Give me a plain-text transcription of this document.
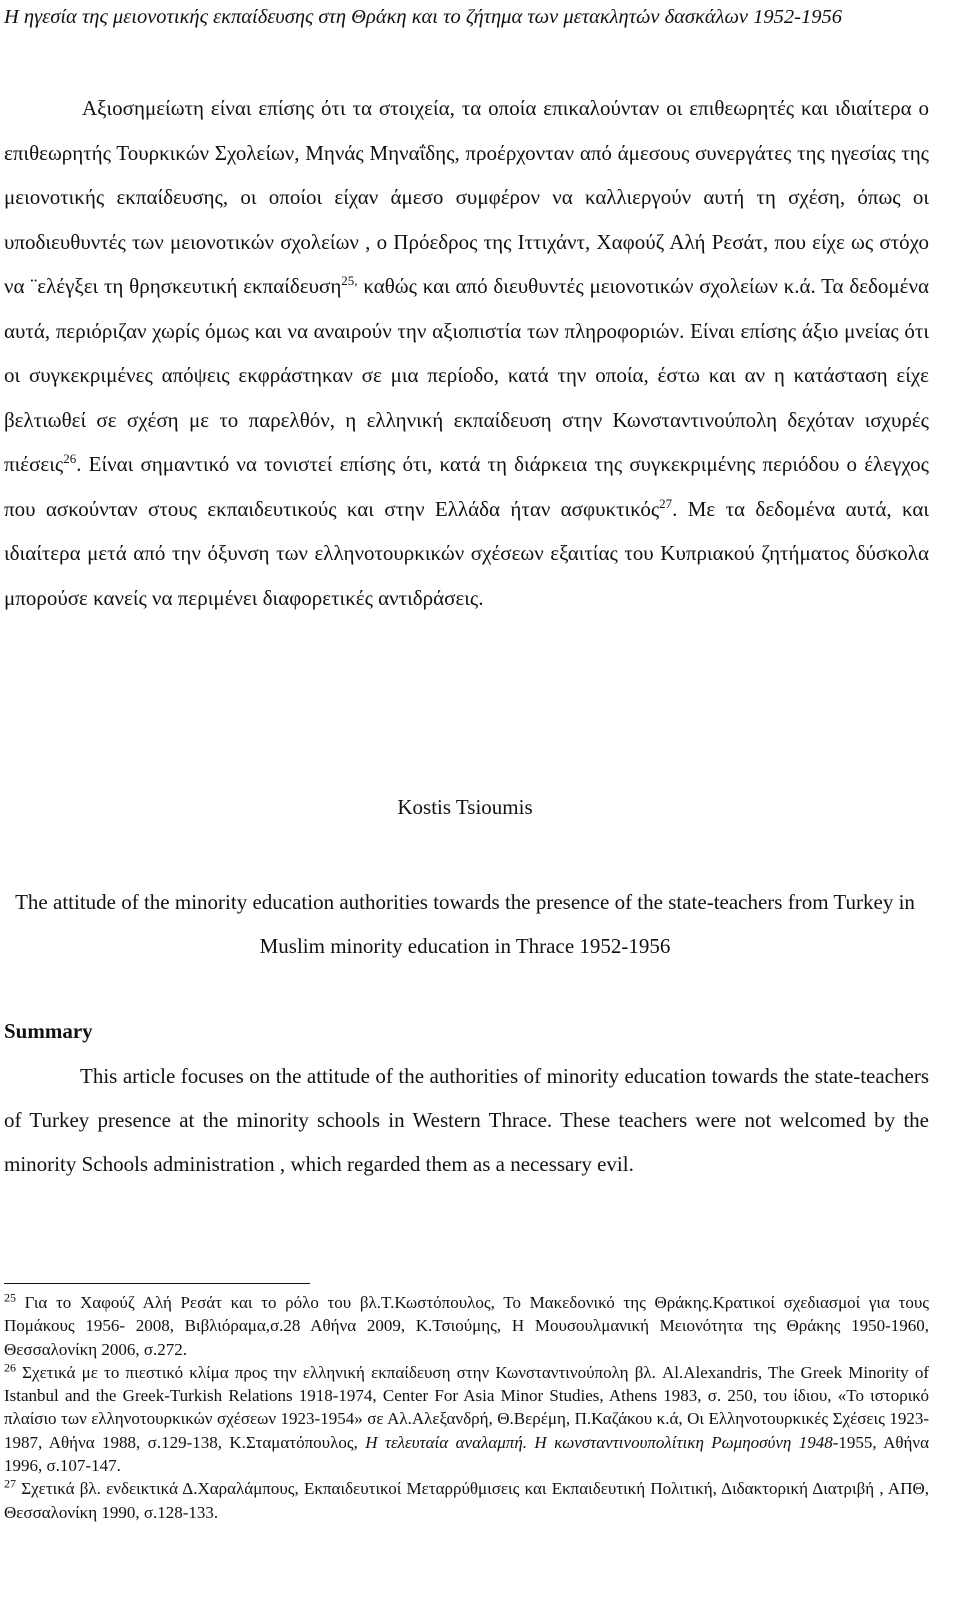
Η ηγεσία της μειονοτικής εκπαίδευσης στη Θράκη και το ζήτημα των μετακλητών δασκάλων 1952-1956

Αξιοσημείωτη είναι επίσης ότι τα στοιχεία, τα οποία επικαλούνταν οι επιθεωρητές και ιδιαίτερα ο επιθεωρητής Τουρκικών Σχολείων, Μηνάς Μηναΐδης, προέρχονταν από άμεσους συνεργάτες της ηγεσίας της μειονοτικής εκπαίδευσης, οι οποίοι είχαν άμεσο συμφέρον να καλλιεργούν αυτή τη σχέση, όπως οι υποδιευθυντές των μειονοτικών σχολείων , ο Πρόεδρος της Ιττιχάντ, Χαφούζ Αλή Ρεσάτ, που είχε ως στόχο να ¨ελέγξει τη θρησκευτική εκπαίδευση$^{25,}$ καθώς και από διευθυντές μειονοτικών σχολείων κ.ά. Τα δεδομένα αυτά, περιόριζαν χωρίς όμως και να αναιρούν την αξιοπιστία των πληροφοριών. Είναι επίσης άξιο μνείας ότι οι συγκεκριμένες απόψεις εκφράστηκαν σε μια περίοδο, κατά την οποία, έστω και αν η κατάσταση είχε βελτιωθεί σε σχέση με το παρελθόν, η ελληνική εκπαίδευση στην Κωνσταντινούπολη δεχόταν ισχυρές πιέσεις$^{26}$. Είναι σημαντικό να τονιστεί επίσης ότι, κατά τη διάρκεια της συγκεκριμένης περιόδου ο έλεγχος που ασκούνταν στους εκπαιδευτικούς και στην Ελλάδα ήταν ασφυκτικός$^{27}$. Με τα δεδομένα αυτά, και ιδιαίτερα μετά από την όξυνση των ελληνοτουρκικών σχέσεων εξαιτίας του Κυπριακού ζητήματος δύσκολα μπορούσε κανείς να περιμένει διαφορετικές αντιδράσεις.

Kostis Tsioumis
The attitude of the minority education authorities towards the presence of the state-teachers from Turkey in Muslim minority education in Thrace 1952-1956
Summary

This article focuses on the attitude of the authorities of minority education towards the state-teachers of Turkey presence at the minority schools in Western Thrace. These teachers were not welcomed by the minority Schools administration , which regarded them as a necessary evil.

$^{25}$ Για το Χαφούζ Αλή Ρεσάτ και το ρόλο του βλ.Τ.Κωστόπουλος, Το Μακεδονικό της Θράκης.Κρατικοί σχεδιασμοί για τους Πομάκους 1956- 2008, Βιβλιόραμα,σ.28 Αθήνα 2009, Κ.Τσιούμης, Η Μουσουλμανική Μειονότητα της Θράκης 1950-1960, Θεσσαλονίκη 2006, σ.272.

$^{26}$ Σχετικά με το πιεστικό κλίμα προς την ελληνική εκπαίδευση στην Κωνσταντινούπολη βλ. Al.Alexandris, The Greek Minority of Istanbul and the Greek-Turkish Relations 1918-1974, Center For Asia Minor Studies, Athens 1983, σ. 250, του ίδιου, «Το ιστορικό πλαίσιο των ελληνοτουρκικών σχέσεων 1923-1954» σε Αλ.Αλεξανδρή, Θ.Βερέμη, Π.Καζάκου κ.ά, Οι Ελληνοτουρκικές Σχέσεις 1923-1987, Αθήνα 1988, σ.129-138, Κ.Σταματόπουλος, Η τελευταία αναλαμπή. Η κωνσταντινουπολίτικη Ρωμηοσύνη 1948-1955, Αθήνα 1996, σ.107-147.

$^{27}$ Σχετικά βλ. ενδεικτικά Δ.Χαραλάμπους, Εκπαιδευτικοί Μεταρρύθμισεις και Εκπαιδευτική Πολιτική, Διδακτορική Διατριβή , ΑΠΘ, Θεσσαλονίκη 1990, σ.128-133.
